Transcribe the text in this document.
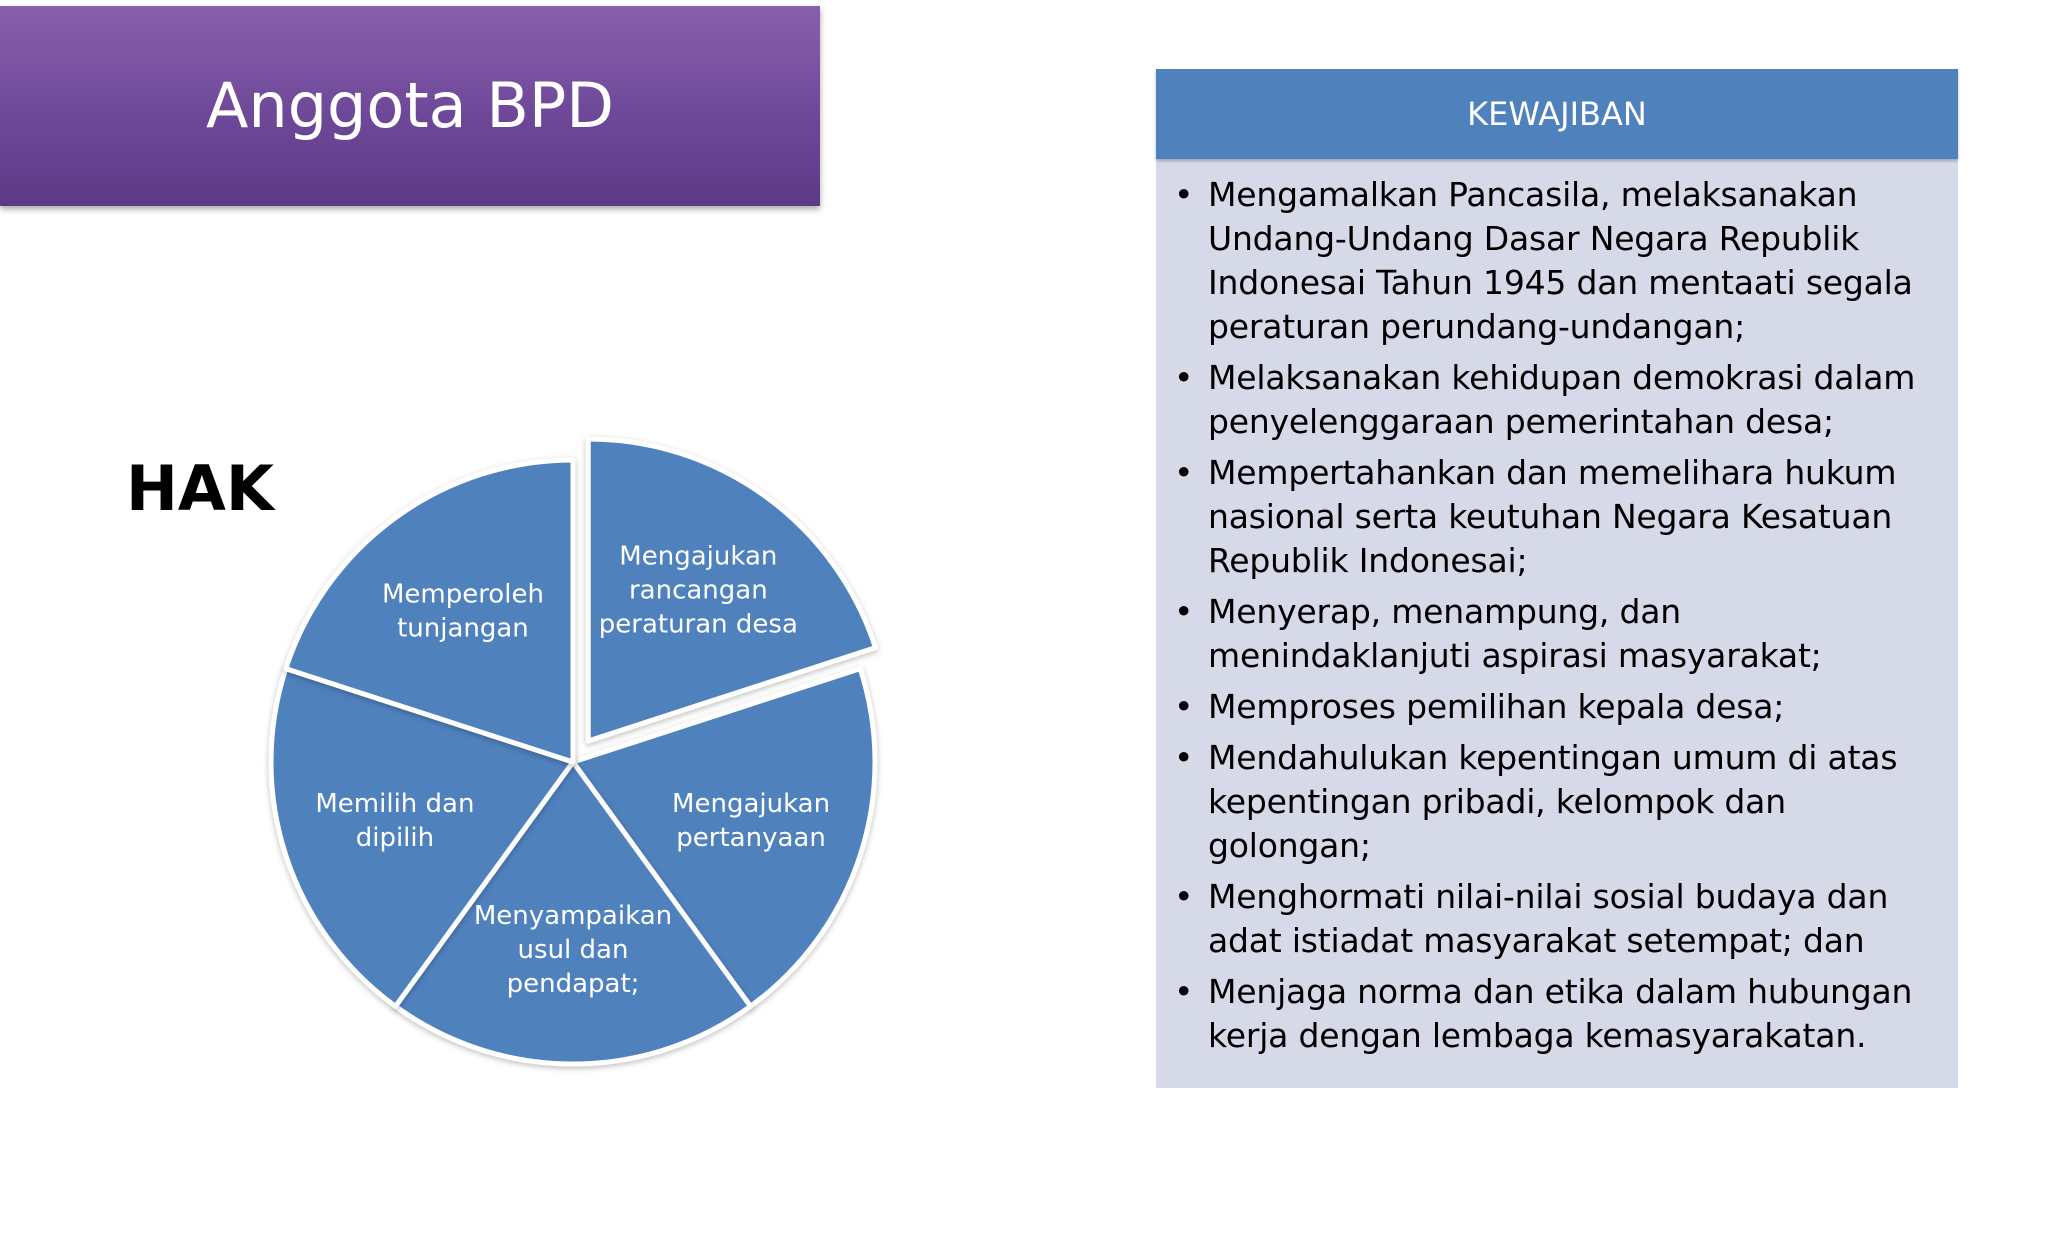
Anggota BPD
HAK
Mengajukan rancangan peraturan desa
Mengajukan pertanyaan
Menyampaikan usul dan pendapat;
Memilih dan dipilih
Memperoleh tunjangan
KEWAJIBAN
• Mengamalkan Pancasila, melaksanakan Undang-Undang Dasar Negara Republik Indonesai Tahun 1945 dan mentaati segala peraturan perundang-undangan;
• Melaksanakan kehidupan demokrasi dalam penyelenggaraan pemerintahan desa;
• Mempertahankan dan memelihara hukum nasional serta keutuhan Negara Kesatuan Republik Indonesai;
• Menyerap, menampung, dan menindaklanjuti aspirasi masyarakat;
• Memproses pemilihan kepala desa;
• Mendahulukan kepentingan umum di atas kepentingan pribadi, kelompok dan golongan;
• Menghormati nilai-nilai sosial budaya dan adat istiadat masyarakat setempat; dan
• Menjaga norma dan etika dalam hubungan kerja dengan lembaga kemasyarakatan.
